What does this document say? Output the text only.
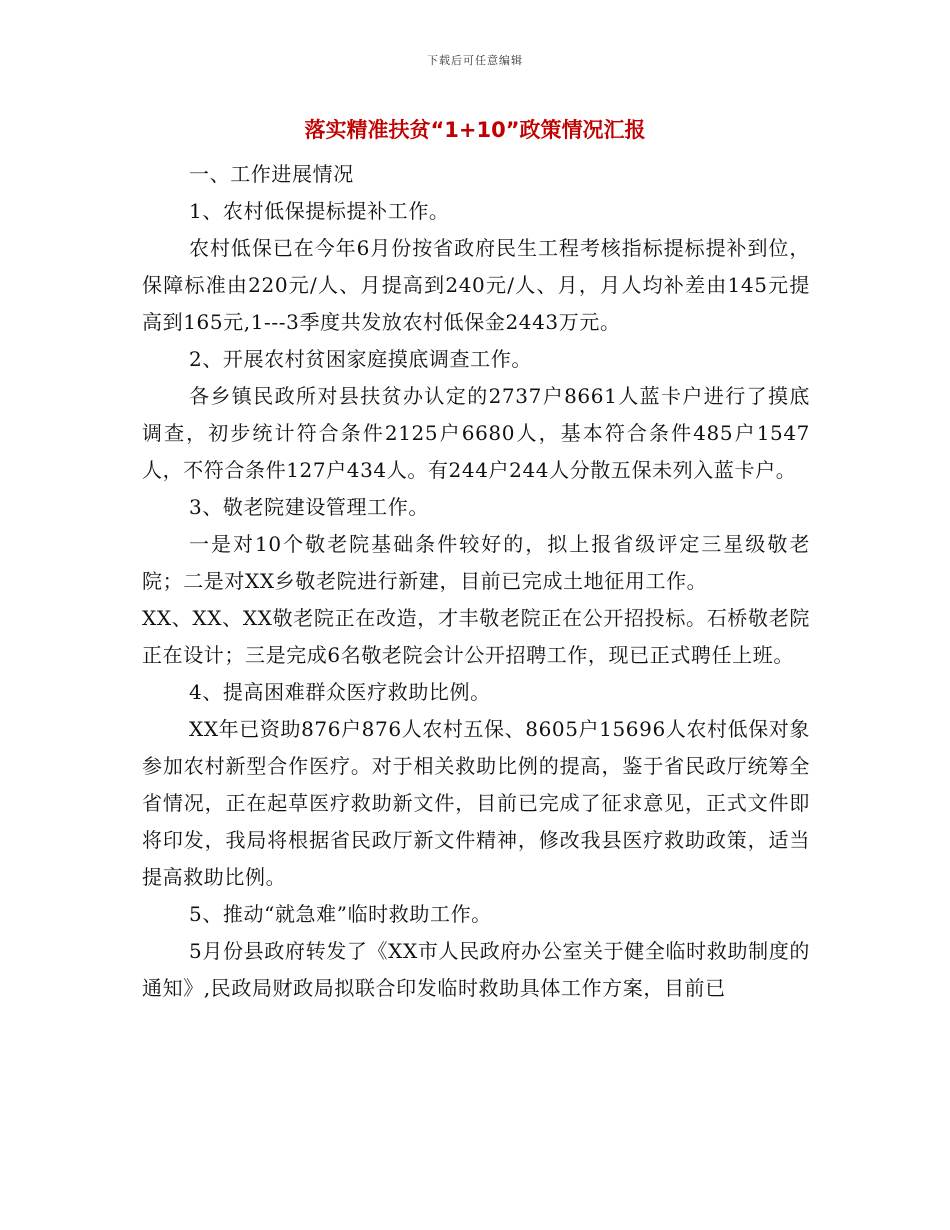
下载后可任意编辑
落实精准扶贫“1+10”政策情况汇报

一、工作进展情况

1、农村低保提标提补工作。

农村低保已在今年6月份按省政府民生工程考核指标提标提补到位，保障标准由220元/人、月提高到240元/人、月，月人均补差由145元提高到165元,1---3季度共发放农村低保金2443万元。

2、开展农村贫困家庭摸底调查工作。

各乡镇民政所对县扶贫办认定的2737户8661人蓝卡户进行了摸底调查，初步统计符合条件2125户6680人，基本符合条件485户1547人，不符合条件127户434人。有244户244人分散五保未列入蓝卡户。

3、敬老院建设管理工作。

一是对10个敬老院基础条件较好的，拟上报省级评定三星级敬老院；二是对XX乡敬老院进行新建，目前已完成土地征用工作。

XX、XX、XX敬老院正在改造，才丰敬老院正在公开招投标。石桥敬老院正在设计；三是完成6名敬老院会计公开招聘工作，现已正式聘任上班。

4、提高困难群众医疗救助比例。

XX年已资助876户876人农村五保、8605户15696人农村低保对象参加农村新型合作医疗。对于相关救助比例的提高，鉴于省民政厅统筹全省情况，正在起草医疗救助新文件，目前已完成了征求意见，正式文件即将印发，我局将根据省民政厅新文件精神，修改我县医疗救助政策，适当提高救助比例。

5、推动“就急难”临时救助工作。

5月份县政府转发了《XX市人民政府办公室关于健全临时救助制度的通知》,民政局财政局拟联合印发临时救助具体工作方案，目前已
